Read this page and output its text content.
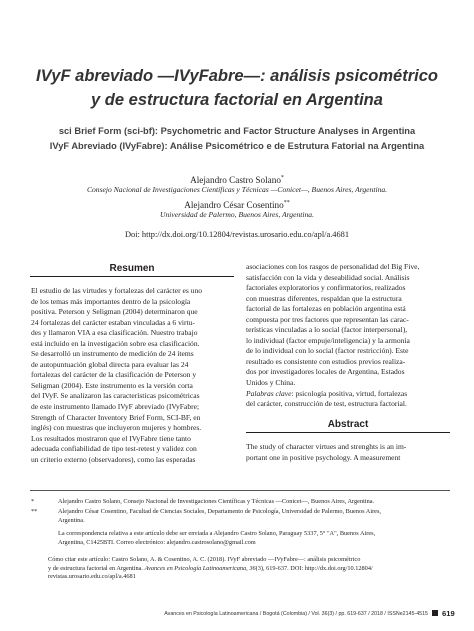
IVyF abreviado —IVyFabre—: análisis psicométrico
y de estructura factorial en Argentina
sci Brief Form (sci-bf): Psychometric and Factor Structure Analyses in Argentina
IVyF Abreviado (IVyFabre): Análise Psicométrico e de Estrutura Fatorial na Argentina
Alejandro Castro Solano*
Consejo Nacional de Investigaciones Científicas y Técnicas —Conicet—, Buenos Aires, Argentina.
Alejandro César Cosentino**
Universidad de Palermo, Buenos Aires, Argentina.
Doi: http://dx.doi.org/10.12804/revistas.urosario.edu.co/apl/a.4681
Resumen
El estudio de las virtudes y fortalezas del carácter es uno
de los temas más importantes dentro de la psicología
positiva. Peterson y Seligman (2004) determinaron que
24 fortalezas del carácter estaban vinculadas a 6 virtu-
des y llamaron VIA a esa clasificación. Nuestro trabajo
está incluido en la investigación sobre esa clasificación.
Se desarrolló un instrumento de medición de 24 ítems
de autopuntuación global directa para evaluar las 24
fortalezas del carácter de la clasificación de Peterson y
Seligman (2004). Este instrumento es la versión corta
del IVyF. Se analizaron las características psicométricas
de este instrumento llamado IVyF abreviado (IVyFabre;
Strength of Character Inventory Brief Form, SCI-BF, en
inglés) con muestras que incluyeron mujeres y hombres.
Los resultados mostraron que el IVyFabre tiene tanto
adecuada confiabilidad de tipo test-retest y validez con
un criterio externo (observadores), como las esperadas
asociaciones con los rasgos de personalidad del Big Five,
satisfacción con la vida y deseabilidad social. Análisis
factoriales exploratorios y confirmatorios, realizados
con muestras diferentes, respaldan que la estructura
factorial de las fortalezas en población argentina está
compuesta por tres factores que representan las carac-
terísticas vinculadas a lo social (factor interpersonal),
lo individual (factor empuje/inteligencia) y la armonía
de lo individual con lo social (factor restricción). Este
resultado es consistente con estudios previos realiza-
dos por investigadores locales de Argentina, Estados
Unidos y China.

Palabras clave: psicología positiva, virtud, fortalezas
del carácter, construcción de test, estructura factorial.

Abstract
The study of character virtues and strenghts is an im-
portant one in positive psychology. A measurement
*	Alejandro Castro Solano, Consejo Nacional de Investigaciones Científicas y Técnicas —Conicet—, Buenos Aires, Argentina.
**	Alejandro César Cosentino, Facultad de Ciencias Sociales, Departamento de Psicología, Universidad de Palermo, Buenos Aires,
Argentina.
La correspondencia relativa a este artículo debe ser enviada a Alejandro Castro Solano, Paraguay 5337, 5° "A", Buenos Aires,
Argentina, C1425BTI. Correo electrónico: alejandro.castrosolano@gmail.com
Cómo citar este artículo: Castro Solano, A. & Cosentino, A. C. (2018). IVyF abreviado —IVyFabre—: análisis psicométrico
y de estructura factorial en Argentina. Avances en Psicología Latinoamericana, 36(3), 619-637. DOI: http://dx.doi.org/10.12804/
revistas.urosario.edu.co/apl/a.4681
Avances en Psicología Latinoamericana / Bogotá (Colombia) / Vol. 36(3) / pp. 619-637 / 2018 / ISSNe2145-4515	619
